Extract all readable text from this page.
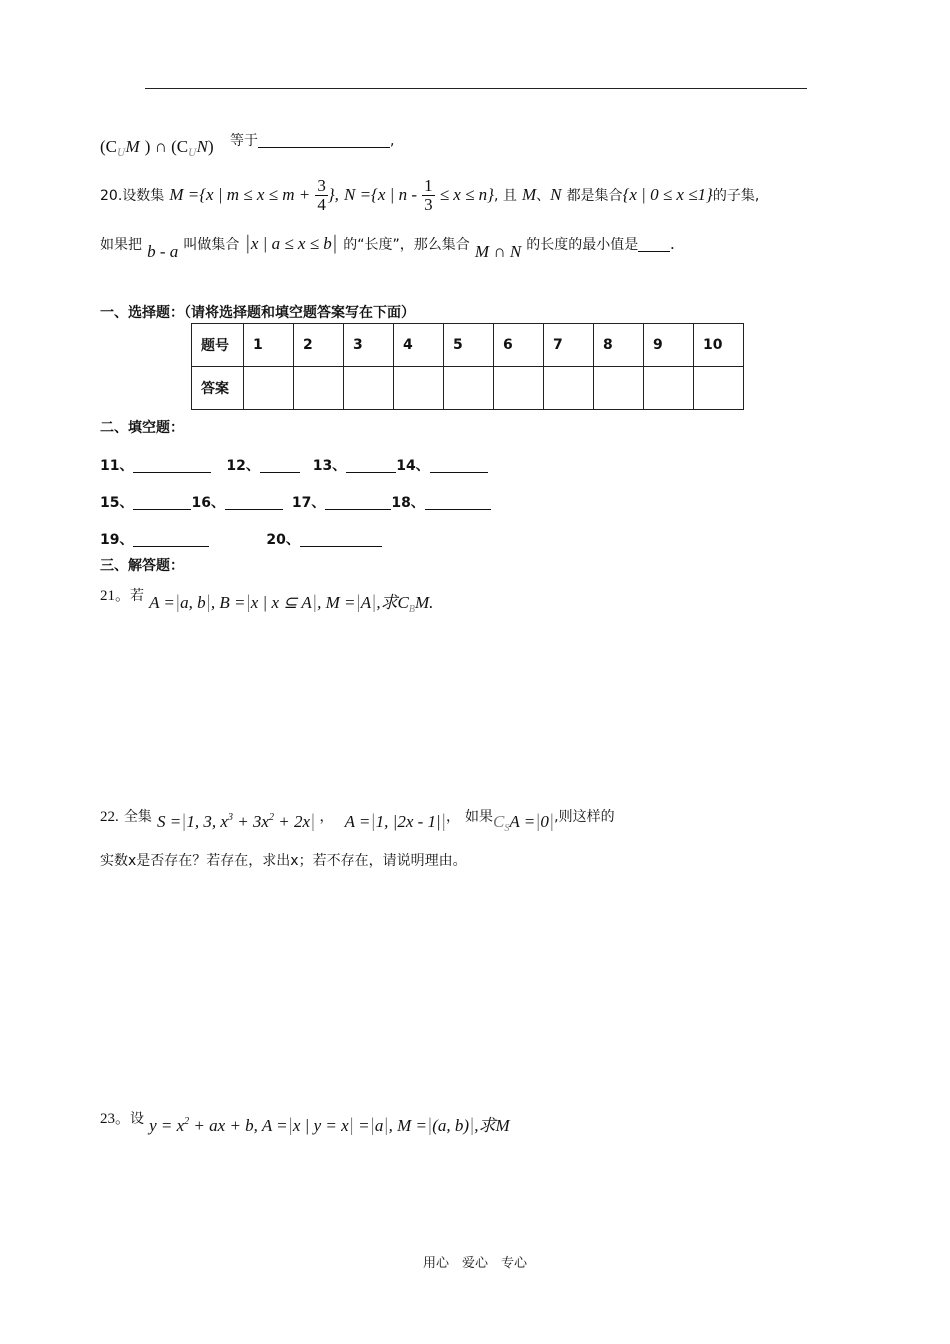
($C_UM$ ) ∩ $(C_UN)$ 等于	,
20.设数集 M ={x | $m \le x \le m + \frac{3}{4}$ }, N ={x | $n - \frac{1}{3} \le x \le n$}, 且 M、N 都是集合{x | 0 ≤ x ≤1}的子集,
如果把 b - a 叫做集合 |x | a ≤ x ≤ b| 的“长度”，那么集合 M ∩ N 的长度的最小值是 .
一、选择题：（请将选择题和填空题答案写在下面）
题号	1	2	3	4	5	6	7	8	9	10
答案										
二、填空题：
11、	12、	13、	14、
15、	16、	17、	18、
19、	20、
三、解答题：
21。若 A =|a, b|, B =|x | x ⊆ A|, M =|A|,求$C_BM$.
22. 全集 S =|1, 3, $x^3 + 3x^2 + 2x|$ ， A =|1, |2x - 1||， 如果$C_SA =|0|$,则这样的
实数x是否存在？若存在，求出x；若不存在，请说明理由。
23。设 $y = x^2$ + ax + b, A =|x | y = x| =|a|, M =|(a, b)|,求M
用心　爱心　专心
